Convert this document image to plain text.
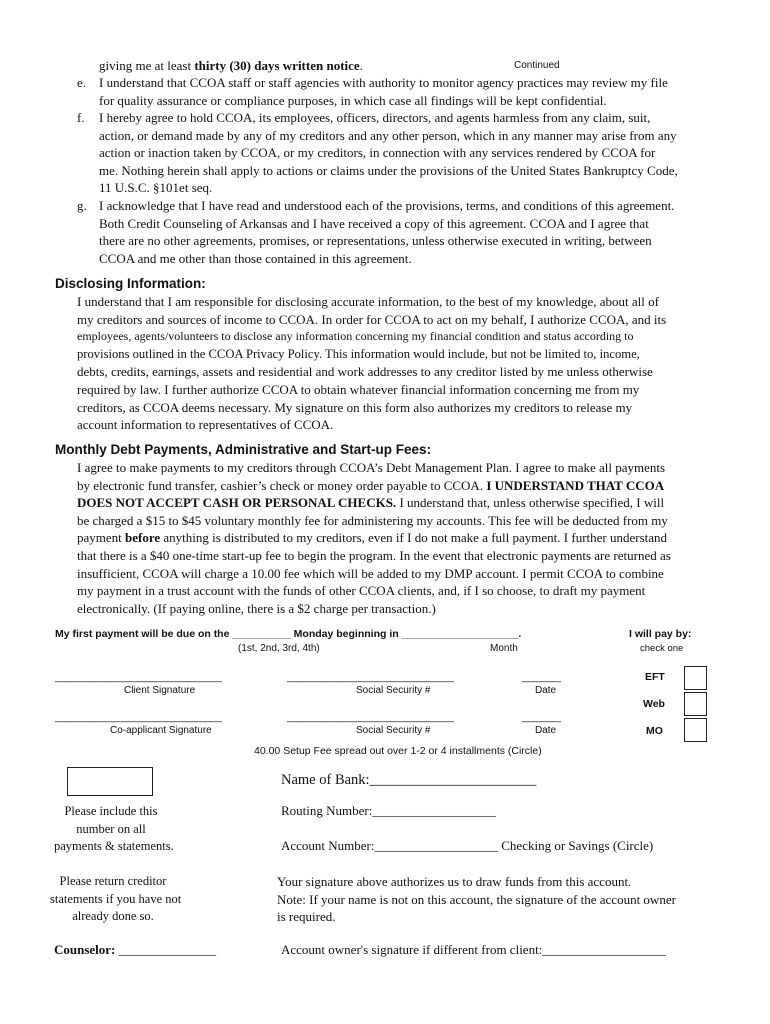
Continued
giving me at least thirty (30) days written notice.
e. I understand that CCOA staff or staff agencies with authority to monitor agency practices may review my file
for quality assurance or compliance purposes, in which case all findings will be kept confidential.
f. I hereby agree to hold CCOA, its employees, officers, directors, and agents harmless from any claim, suit,
action, or demand made by any of my creditors and any other person, which in any manner may arise from any
action or inaction taken by CCOA, or my creditors, in connection with any services rendered by CCOA for
me. Nothing herein shall apply to actions or claims under the provisions of the United States Bankruptcy Code,
11 U.S.C. §101et seq.
g. I acknowledge that I have read and understood each of the provisions, terms, and conditions of this agreement.
Both Credit Counseling of Arkansas and I have received a copy of this agreement. CCOA and I agree that
there are no other agreements, promises, or representations, unless otherwise executed in writing, between
CCOA and me other than those contained in this agreement.
Disclosing Information:
I understand that I am responsible for disclosing accurate information, to the best of my knowledge, about all of
my creditors and sources of income to CCOA. In order for CCOA to act on my behalf, I authorize CCOA, and its
employees, agents/volunteers to disclose any information concerning my financial condition and status according to
provisions outlined in the CCOA Privacy Policy. This information would include, but not be limited to, income,
debts, credits, earnings, assets and residential and work addresses to any creditor listed by me unless otherwise
required by law. I further authorize CCOA to obtain whatever financial information concerning me from my
creditors, as CCOA deems necessary. My signature on this form also authorizes my creditors to release my
account information to representatives of CCOA.
Monthly Debt Payments, Administrative and Start-up Fees:
I agree to make payments to my creditors through CCOA’s Debt Management Plan. I agree to make all payments
by electronic fund transfer, cashier’s check or money order payable to CCOA. I UNDERSTAND THAT CCOA
DOES NOT ACCEPT CASH OR PERSONAL CHECKS. I understand that, unless otherwise specified, I will
be charged a $15 to $45 voluntary monthly fee for administering my accounts. This fee will be deducted from my
payment before anything is distributed to my creditors, even if I do not make a full payment. I further understand
that there is a $40 one-time start-up fee to begin the program. In the event that electronic payments are returned as
insufficient, CCOA will charge a 10.00 fee which will be added to my DMP account. I permit CCOA to combine
my payment in a trust account with the funds of other CCOA clients, and, if I so choose, to draft my payment
electronically. (If paying online, there is a $2 charge per transaction.)
My first payment will be due on the __________ Monday beginning in ____________________.
(1st, 2nd, 3rd, 4th)	Month
I will pay by:
check one
EFT
Web
MO
______________________________	______________________________	_______
Client Signature	Social Security #	Date
______________________________	______________________________	_______
Co-applicant Signature	Social Security #	Date
40.00 Setup Fee spread out over 1-2 or 4 installments (Circle)
Name of Bank:_______________________
Routing Number:___________________
Account Number:___________________ Checking or Savings (Circle)
Your signature above authorizes us to draw funds from this account.
Note: If your name is not on this account, the signature of the account owner
is required.
Account owner's signature if different from client:___________________
Please include this
number on all
payments & statements.
Please return creditor
statements if you have not
already done so.
Counselor: _______________
